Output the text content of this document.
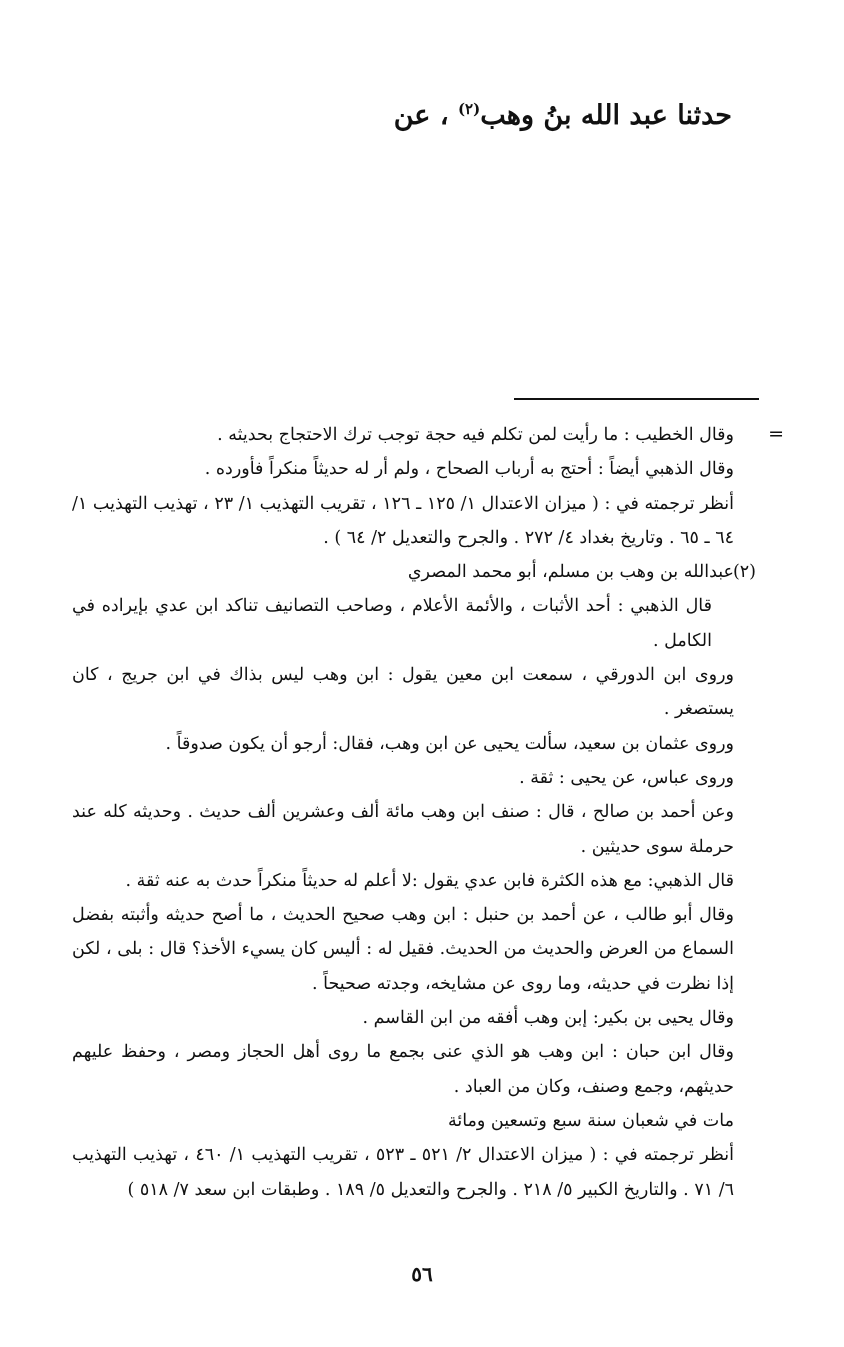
حدثنا عبد الله بنُ وهب$^{(٢)}$ ، عن
=

وقال الخطيب : ما رأيت لمن تكلم فيه حجة توجب ترك الاحتجاج بحديثه .

وقال الذهبي أيضاً : أحتج به أرباب الصحاح ، ولم أر له حديثاً منكراً فأورده .

أنظر ترجمته في : ( ميزان الاعتدال ١/ ١٢٥ ـ ١٢٦ ، تقريب التهذيب ١/ ٢٣ ، تهذيب التهذيب ١/ ٦٤ ـ ٦٥ . وتاريخ بغداد ٤/ ٢٧٢ . والجرح والتعديل ٢/ ٦٤ ) .

(٢)
عبدالله بن وهب بن مسلم، أبو محمد المصري

قال الذهبي : أحد الأثبات ، والأئمة الأعلام ، وصاحب التصانيف تناكد ابن عدي بإيراده في الكامل .

وروى ابن الدورقي ، سمعت ابن معين يقول : ابن وهب ليس بذاك في ابن جريج ، كان يستصغر .

وروى عثمان بن سعيد، سألت يحيى عن ابن وهب، فقال: أرجو أن يكون صدوقاً .

وروى عباس، عن يحيى : ثقة .

وعن أحمد بن صالح ، قال : صنف ابن وهب مائة ألف وعشرين ألف حديث . وحديثه كله عند حرملة سوى حديثين .

قال الذهبي: مع هذه الكثرة فابن عدي يقول :لا أعلم له حديثاً منكراً حدث به عنه ثقة .

وقال أبو طالب ، عن أحمد بن حنبل : ابن وهب صحيح الحديث ، ما أصح حديثه وأثبته بفضل السماع من العرض والحديث من الحديث. فقيل له : أليس كان يسيء الأخذ؟ قال : بلى ، لكن إذا نظرت في حديثه، وما روى عن مشايخه، وجدته صحيحاً .

وقال يحيى بن بكير: إبن وهب أفقه من ابن القاسم .

وقال ابن حبان : ابن وهب هو الذي عنى بجمع ما روى أهل الحجاز ومصر ، وحفظ عليهم حديثهم، وجمع وصنف، وكان من العباد .

مات في شعبان سنة سبع وتسعين ومائة

أنظر ترجمته في : ( ميزان الاعتدال ٢/ ٥٢١ ـ ٥٢٣ ، تقريب التهذيب ١/ ٤٦٠ ، تهذيب التهذيب ٦/ ٧١ . والتاريخ الكبير ٥/ ٢١٨ . والجرح والتعديل ٥/ ١٨٩ . وطبقات ابن سعد ٧/ ٥١٨ )

٥٦
